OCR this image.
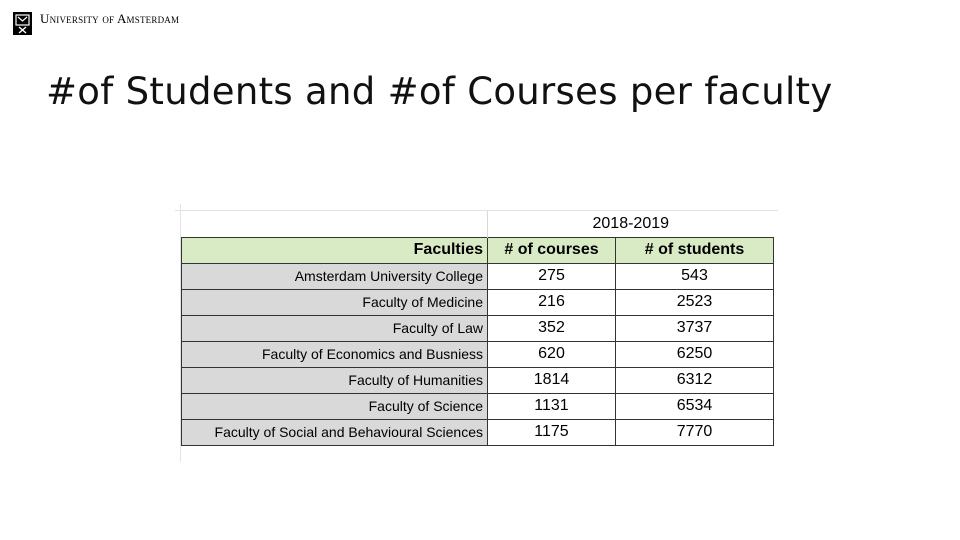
University of Amsterdam
#of Students and #of Courses per faculty
	2018-2019	
Faculties	# of courses	# of students
Amsterdam University College	275	543
Faculty of Medicine	216	2523
Faculty of Law	352	3737
Faculty of Economics and Busniess	620	6250
Faculty of Humanities	1814	6312
Faculty of Science	1131	6534
Faculty of Social and Behavioural Sciences	1175	7770
